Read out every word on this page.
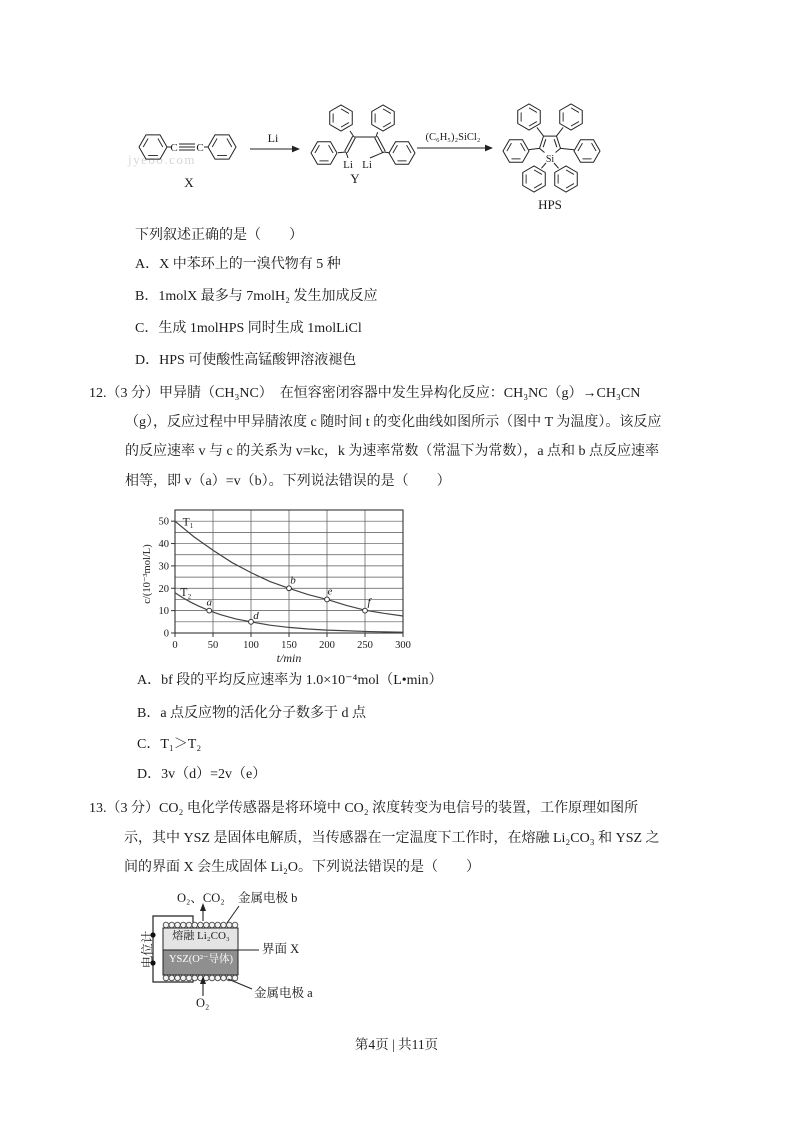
jyeoo.com
C C
X
Li
Li Li
Y
(C₆H₅)₂SiCl₂
Si
HPS
下列叙述正确的是（　　）
A．X 中苯环上的一溴代物有 5 种
B．1molX 最多与 7molH₂ 发生加成反应
C．生成 1molHPS 同时生成 1molLiCl
D．HPS 可使酸性高锰酸钾溶液褪色
12.（3 分）甲异腈（CH₃NC）　在恒容密闭容器中发生异构化反应：CH₃NC（g）→CH₃CN
（g），反应过程中甲异腈浓度 c 随时间 t 的变化曲线如图所示（图中 T 为温度）。该反应
的反应速率 v 与 c 的关系为 v=kc，k 为速率常数（常温下为常数），a 点和 b 点反应速率
相等，即 v（a）=v（b）。下列说法错误的是（　　）
0
10
20
30
40
50
0	50 100 150 200 250 300
t/min
c/(10⁻³mol/L)
T₁
T₂
a
d
b
e
f
A．bf 段的平均反应速率为 1.0×10⁻⁴mol（L•min）
B．a 点反应物的活化分子数多于 d 点
C．T₁＞T₂
D．3v（d）=2v（e）
13.（3 分）CO₂ 电化学传感器是将环境中 CO₂ 浓度转变为电信号的装置，工作原理如图所
示，其中 YSZ 是固体电解质，当传感器在一定温度下工作时，在熔融 Li₂CO₃ 和 YSZ 之
间的界面 X 会生成固体 Li₂O。下列说法错误的是（　　）
O₂、CO₂ 金属电极 b
熔融 Li₂CO₃
界面 X
YSZ(O²⁻导体)
金属电极 a
O₂
电位计
第4页 | 共11页
